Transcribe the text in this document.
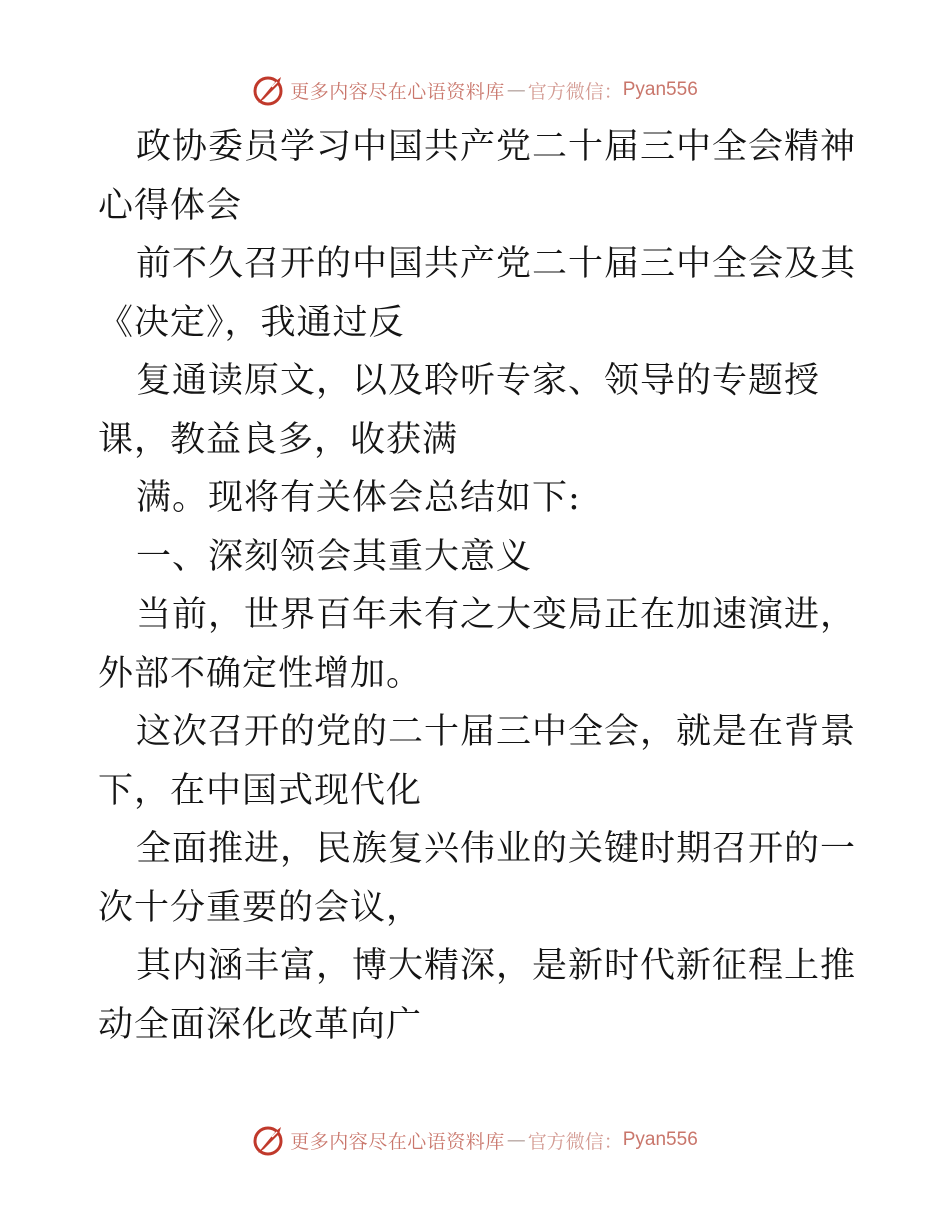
更多内容尽在心语资料库 — 官方微信： Pyan556

政协委员学习中国共产党二十届三中全会精神心得体会

前不久召开的中国共产党二十届三中全会及其《决定》，我通过反

复通读原文，以及聆听专家、领导的专题授课，教益良多，收获满

满。现将有关体会总结如下:

一、深刻领会其重大意义

当前，世界百年未有之大变局正在加速演进，外部不确定性增加。

这次召开的党的二十届三中全会，就是在背景下，在中国式现代化

全面推进，民族复兴伟业的关键时期召开的一次十分重要的会议，

其内涵丰富，博大精深，是新时代新征程上推动全面深化改革向广

更多内容尽在心语资料库 — 官方微信： Pyan556
